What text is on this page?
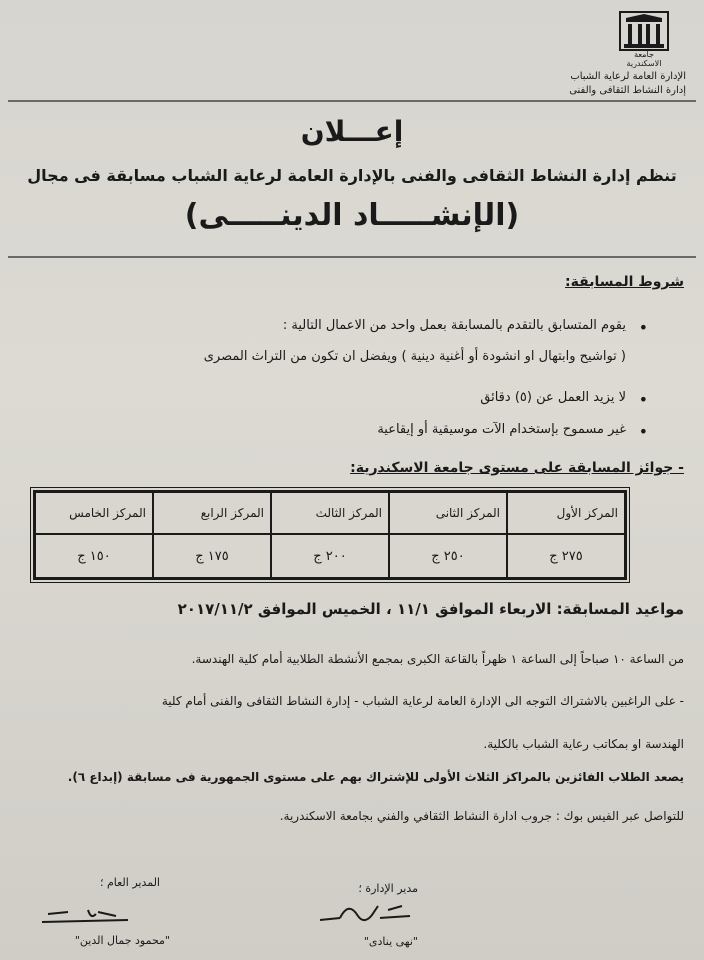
جامعة الاسكندرية
الإدارة العامة لرعاية الشباب
إدارة النشاط الثقافى والفنى
إعـــلان
تنظم إدارة النشاط الثقافى والفنى بالإدارة العامة لرعاية الشباب مسابقة فى مجال
(الإنشـــــاد الدينـــــى)
شروط المسابقة:
يقوم المتسابق بالتقدم بالمسابقة بعمل واحد من الاعمال التالية : •
( تواشيح وابتهال او انشودة أو أغنية دينية ) ويفضل ان تكون من التراث المصرى
لا يزيد العمل عن (٥) دقائق •
غير مسموح بإستخدام الآت موسيقية أو إيقاعية •
- جوائز المسابقة على مستوى جامعة الاسكندرية:
المركز الأول	المركز الثانى	المركز الثالث	المركز الرابع	المركز الخامس
٢٧٥ ج	٢٥٠ ج	٢٠٠ ج	١٧٥ ج	١٥٠ ج
مواعيد المسابقة: الاربعاء الموافق ١١/١ ، الخميس الموافق ٢٠١٧/١١/٢
من الساعة ١٠ صباحاً إلى الساعة ١ ظهراً بالقاعة الكبرى بمجمع الأنشطة الطلابية أمام كلية الهندسة.
- على الراغبين بالاشتراك التوجه الى الإدارة العامة لرعاية الشباب - إدارة النشاط الثقافى والفنى أمام كلية
الهندسة او بمكاتب رعاية الشباب بالكلية.
يصعد الطلاب الفائزين بالمراكز الثلاث الأولى للإشتراك بهم على مستوى الجمهورية فى مسابقة (إبداع ٦).
للتواصل عبر الفيس بوك : جروب ادارة النشاط الثقافي والفني بجامعة الاسكندرية.
مدير الإدارة ؛
"نهى ينادى"
المدير العام ؛
"محمود جمال الدين"
